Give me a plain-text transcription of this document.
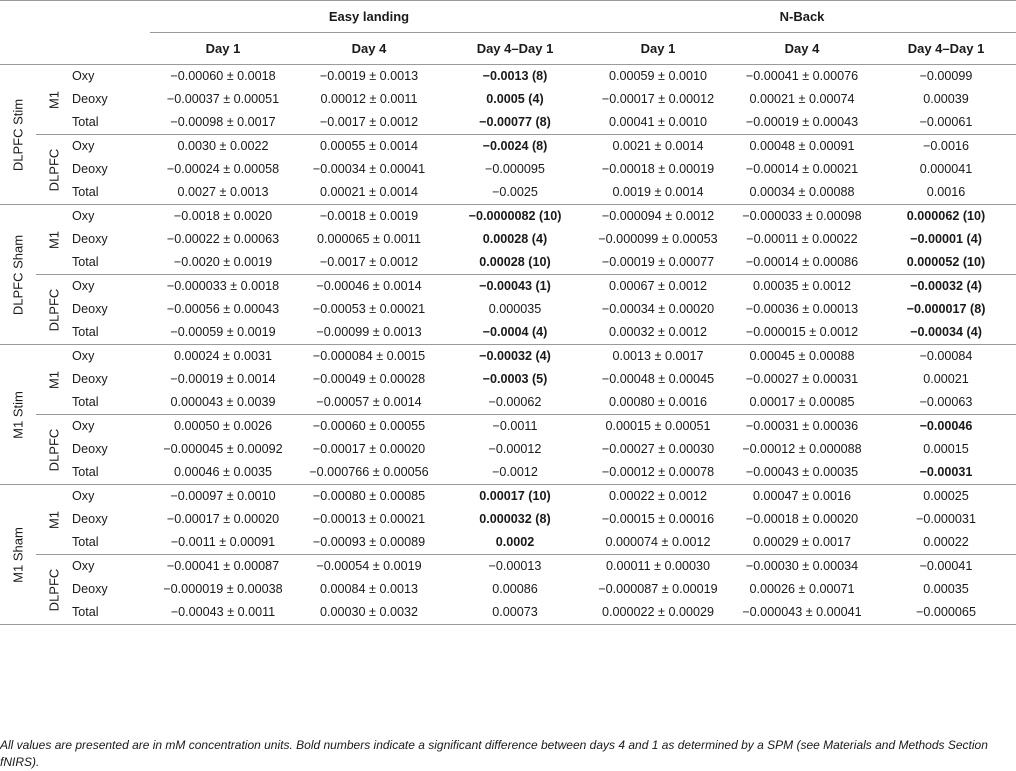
			Easy landing			N-Back		
			Day 1	Day 4	Day 4–Day 1	Day 1	Day 4	Day 4–Day 1

DLPFC Stim	M1	Oxy	−0.00060 ± 0.0018	−0.0019 ± 0.0013	−0.0013 (8)	0.00059 ± 0.0010	−0.00041 ± 0.00076	−0.00099
		Deoxy	−0.00037 ± 0.00051	0.00012 ± 0.0011	0.0005 (4)	−0.00017 ± 0.00012	0.00021 ± 0.00074	0.00039
		Total	−0.00098 ± 0.0017	−0.0017 ± 0.0012	−0.00077 (8)	0.00041 ± 0.0010	−0.00019 ± 0.00043	−0.00061

	DLPFC	Oxy	0.0030 ± 0.0022	0.00055 ± 0.0014	−0.0024 (8)	0.0021 ± 0.0014	0.00048 ± 0.00091	−0.0016
		Deoxy	−0.00024 ± 0.00058	−0.00034 ± 0.00041	−0.000095	−0.00018 ± 0.00019	−0.00014 ± 0.00021	0.000041
		Total	0.0027 ± 0.0013	0.00021 ± 0.0014	−0.0025	0.0019 ± 0.0014	0.00034 ± 0.00088	0.0016

DLPFC Sham	M1	Oxy	−0.0018 ± 0.0020	−0.0018 ± 0.0019	−0.0000082 (10)	−0.000094 ± 0.0012	−0.000033 ± 0.00098	0.000062 (10)
		Deoxy	−0.00022 ± 0.00063	0.000065 ± 0.0011	0.00028 (4)	−0.000099 ± 0.00053	−0.00011 ± 0.00022	−0.00001 (4)
		Total	−0.0020 ± 0.0019	−0.0017 ± 0.0012	0.00028 (10)	−0.00019 ± 0.00077	−0.00014 ± 0.00086	0.000052 (10)

	DLPFC	Oxy	−0.000033 ± 0.0018	−0.00046 ± 0.0014	−0.00043 (1)	0.00067 ± 0.0012	0.00035 ± 0.0012	−0.00032 (4)
		Deoxy	−0.00056 ± 0.00043	−0.00053 ± 0.00021	0.000035	−0.00034 ± 0.00020	−0.00036 ± 0.00013	−0.000017 (8)
		Total	−0.00059 ± 0.0019	−0.00099 ± 0.0013	−0.0004 (4)	0.00032 ± 0.0012	−0.000015 ± 0.0012	−0.00034 (4)

M1 Stim	M1	Oxy	0.00024 ± 0.0031	−0.000084 ± 0.0015	−0.00032 (4)	0.0013 ± 0.0017	0.00045 ± 0.00088	−0.00084
		Deoxy	−0.00019 ± 0.0014	−0.00049 ± 0.00028	−0.0003 (5)	−0.00048 ± 0.00045	−0.00027 ± 0.00031	0.00021
		Total	0.000043 ± 0.0039	−0.00057 ± 0.0014	−0.00062	0.00080 ± 0.0016	0.00017 ± 0.00085	−0.00063

	DLPFC	Oxy	0.00050 ± 0.0026	−0.00060 ± 0.00055	−0.0011	0.00015 ± 0.00051	−0.00031 ± 0.00036	−0.00046
		Deoxy	−0.000045 ± 0.00092	−0.00017 ± 0.00020	−0.00012	−0.00027 ± 0.00030	−0.00012 ± 0.000088	0.00015
		Total	0.00046 ± 0.0035	−0.000766 ± 0.00056	−0.0012	−0.00012 ± 0.00078	−0.00043 ± 0.00035	−0.00031

M1 Sham	M1	Oxy	−0.00097 ± 0.0010	−0.00080 ± 0.00085	0.00017 (10)	0.00022 ± 0.0012	0.00047 ± 0.0016	0.00025
		Deoxy	−0.00017 ± 0.00020	−0.00013 ± 0.00021	0.000032 (8)	−0.00015 ± 0.00016	−0.00018 ± 0.00020	−0.000031
		Total	−0.0011 ± 0.00091	−0.00093 ± 0.00089	0.0002	0.000074 ± 0.0012	0.00029 ± 0.0017	0.00022

	DLPFC	Oxy	−0.00041 ± 0.00087	−0.00054 ± 0.0019	−0.00013	0.00011 ± 0.00030	−0.00030 ± 0.00034	−0.00041
		Deoxy	−0.000019 ± 0.00038	0.00084 ± 0.0013	0.00086	−0.000087 ± 0.00019	0.00026 ± 0.00071	0.00035
		Total	−0.00043 ± 0.0011	0.00030 ± 0.0032	0.00073	0.000022 ± 0.00029	−0.000043 ± 0.00041	−0.000065
All values are presented are in mM concentration units. Bold numbers indicate a significant difference between days 4 and 1 as determined by a SPM (see Materials and Methods Section fNIRS).
